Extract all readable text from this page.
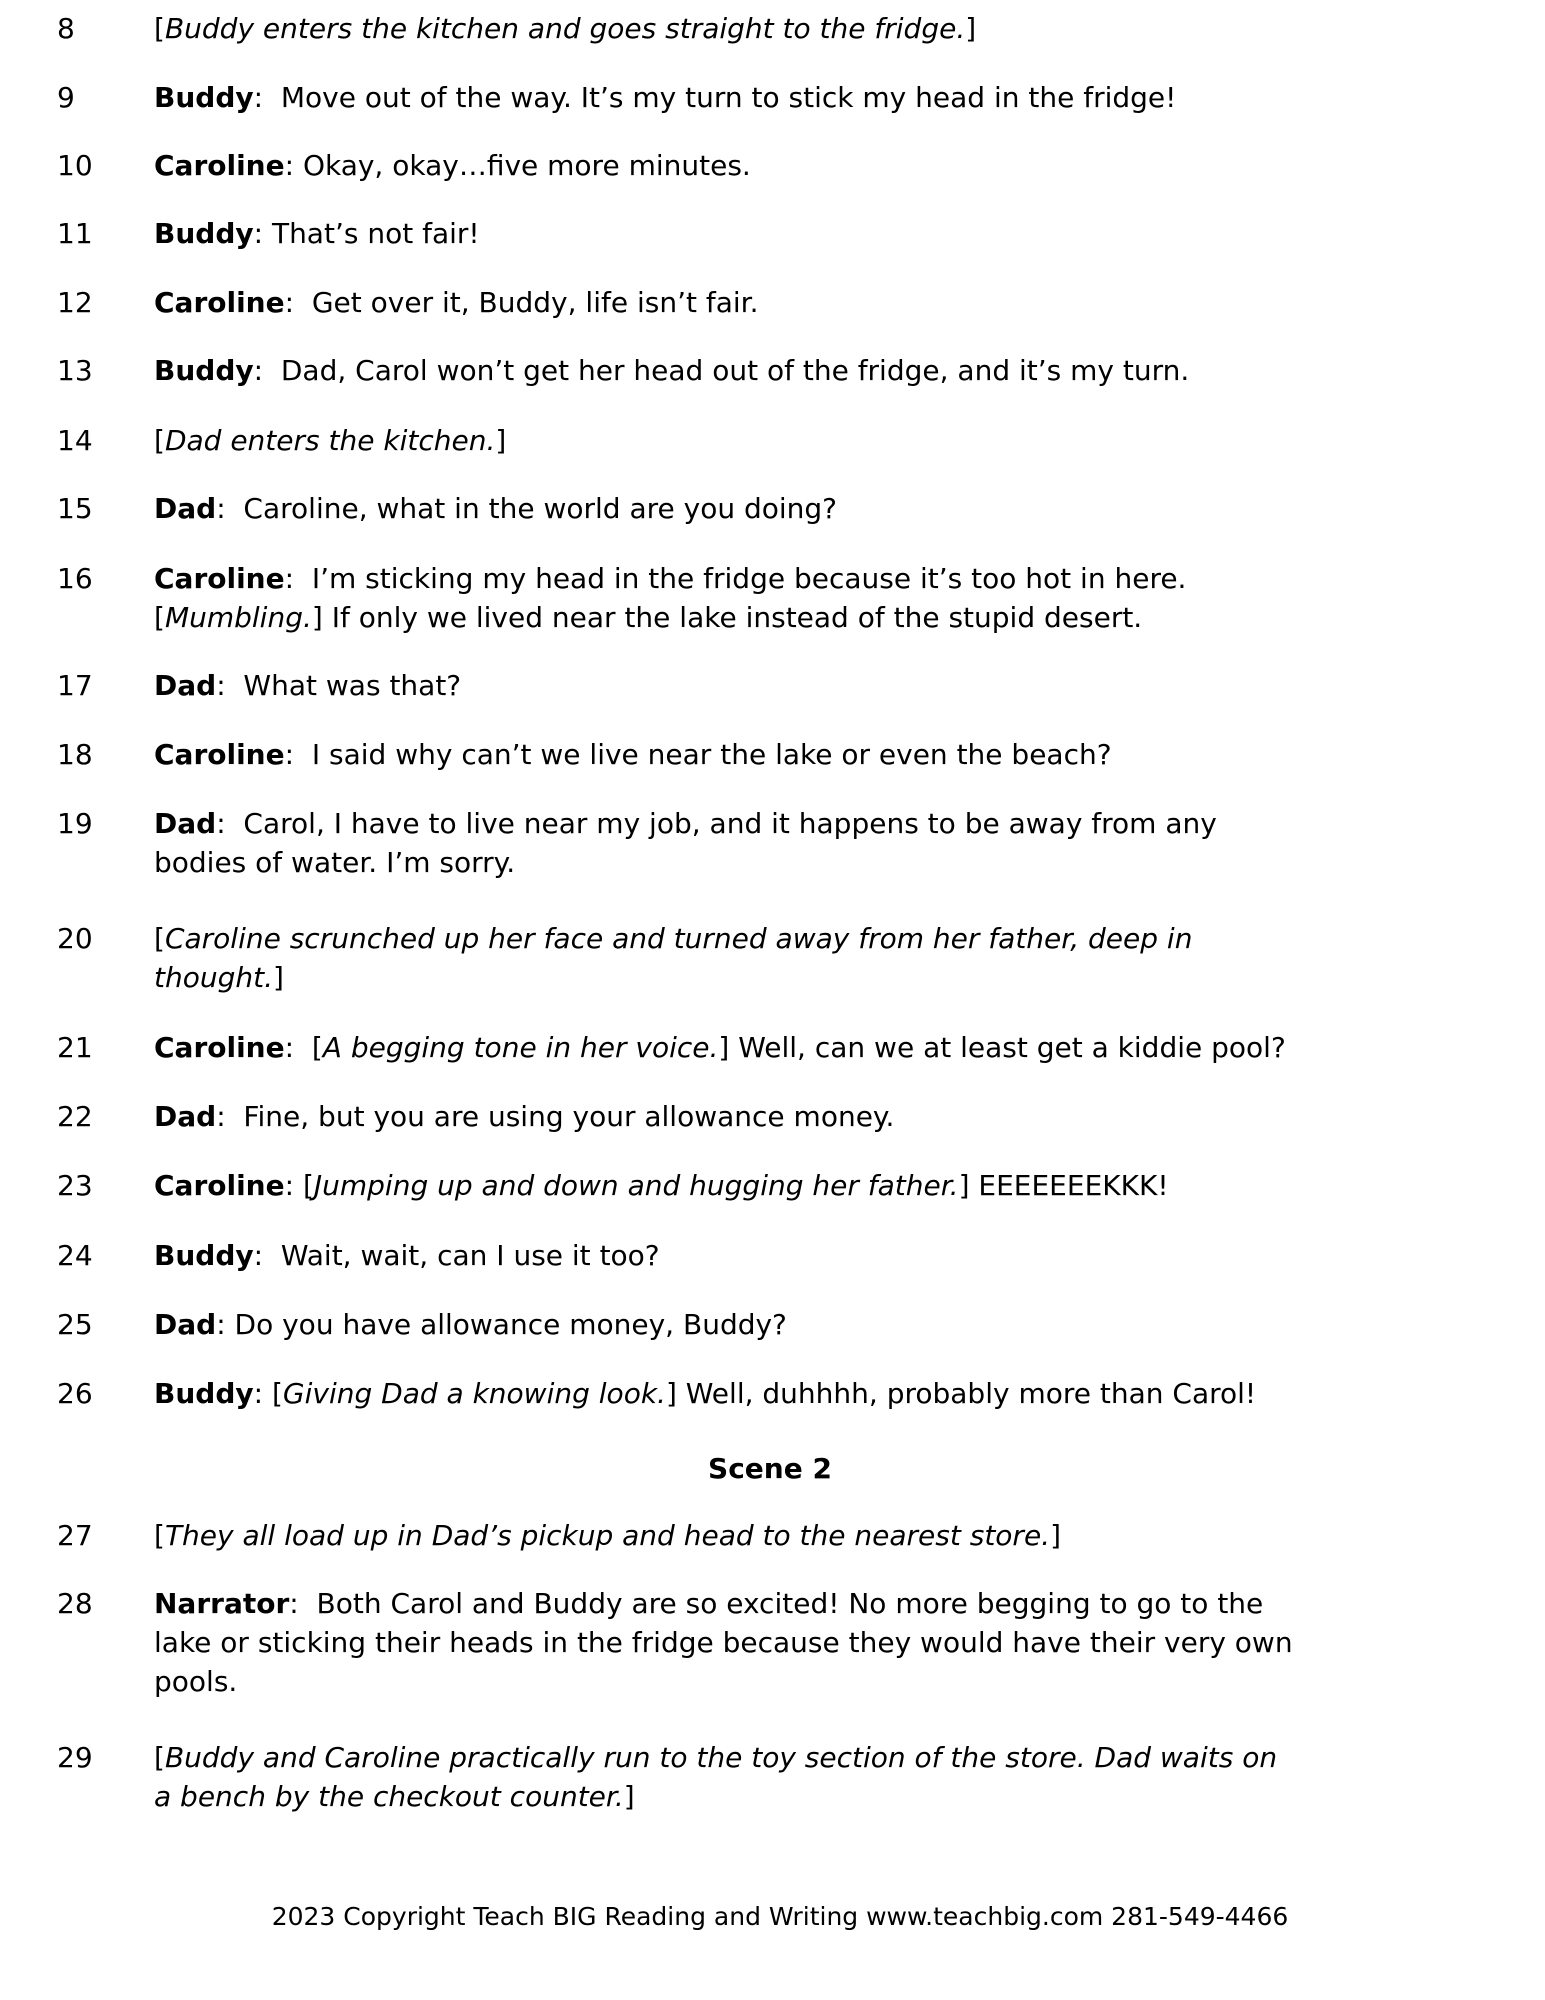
8	[Buddy enters the kitchen and goes straight to the fridge.]
9	Buddy:  Move out of the way. It’s my turn to stick my head in the fridge!
10	Caroline: Okay, okay…five more minutes.
11	Buddy: That’s not fair!
12	Caroline:  Get over it, Buddy, life isn’t fair.
13	Buddy:  Dad, Carol won’t get her head out of the fridge, and it’s my turn.
14	[Dad enters the kitchen.]
15	Dad:  Caroline, what in the world are you doing?
16	Caroline:  I’m sticking my head in the fridge because it’s too hot in here.
[Mumbling.] If only we lived near the lake instead of the stupid desert.
17	Dad:  What was that?
18	Caroline:  I said why can’t we live near the lake or even the beach?
19	Dad:  Carol, I have to live near my job, and it happens to be away from any
bodies of water. I’m sorry.
20	[Caroline scrunched up her face and turned away from her father, deep in
thought.]
21	Caroline:  [A begging tone in her voice.] Well, can we at least get a kiddie pool?
22	Dad:  Fine, but you are using your allowance money.
23	Caroline: [Jumping up and down and hugging her father.] EEEEEEEKKK!
24	Buddy:  Wait, wait, can I use it too?
25	Dad: Do you have allowance money, Buddy?
26	Buddy: [Giving Dad a knowing look.] Well, duhhhh, probably more than Carol!
27	[They all load up in Dad’s pickup and head to the nearest store.]
28	Narrator:  Both Carol and Buddy are so excited! No more begging to go to the
lake or sticking their heads in the fridge because they would have their very own
pools.
29	[Buddy and Caroline practically run to the toy section of the store. Dad waits on
a bench by the checkout counter.]
Scene 2
2023 Copyright Teach BIG Reading and Writing www.teachbig.com 281-549-4466
